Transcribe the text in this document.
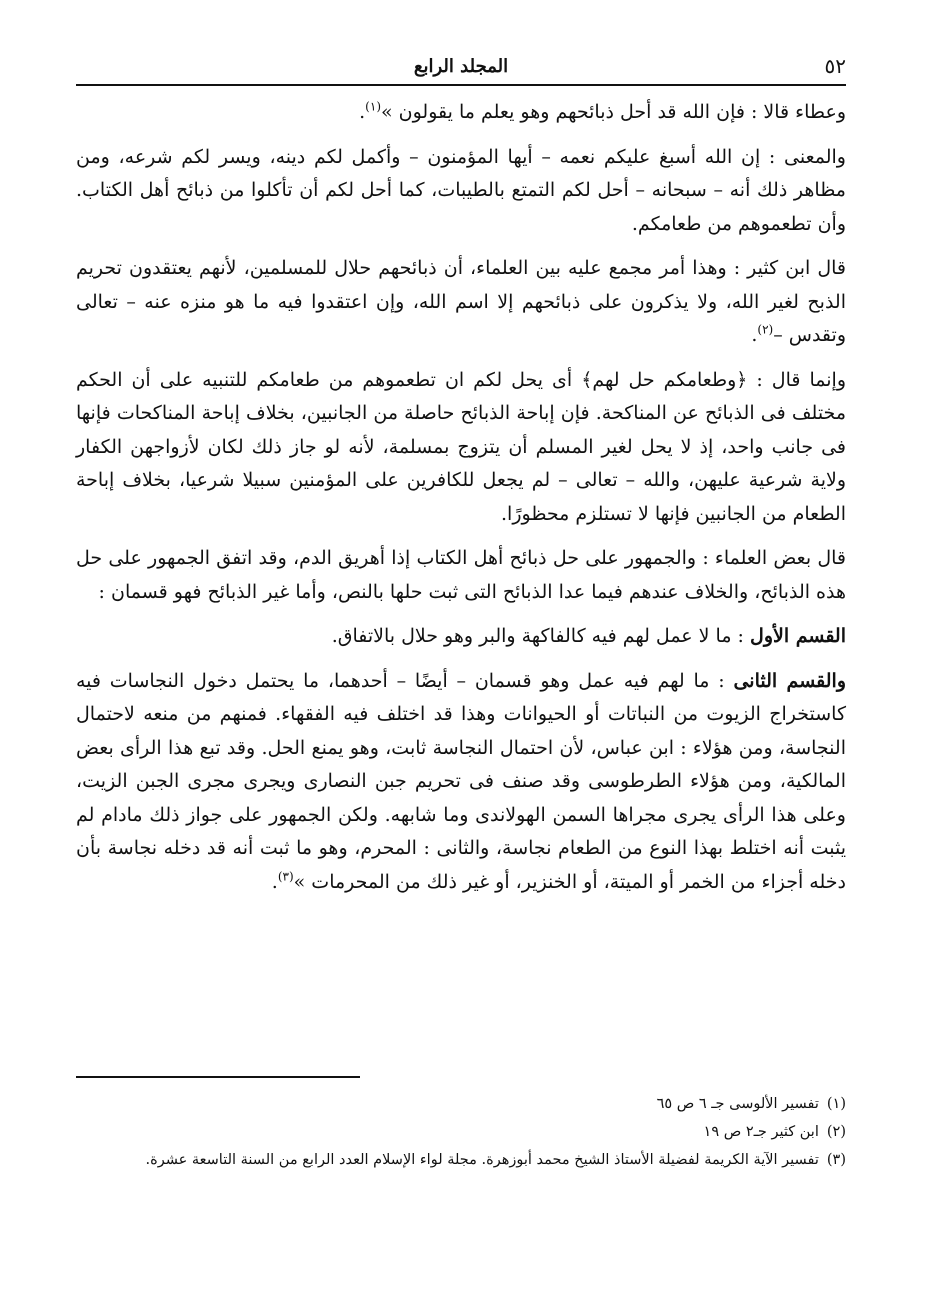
٥٢
المجلد الرابع

وعطاء قالا : فإن الله قد أحل ذبائحهم وهو يعلم ما يقولون »$^{(١)}$.

والمعنى : إن الله أسبغ عليكم نعمه – أيها المؤمنون – وأكمل لكم دينه، ويسر لكم شرعه، ومن مظاهر ذلك أنه – سبحانه – أحل لكم التمتع بالطيبات، كما أحل لكم أن تأكلوا من ذبائح أهل الكتاب. وأن تطعموهم من طعامكم.

قال ابن كثير : وهذا أمر مجمع عليه بين العلماء، أن ذبائحهم حلال للمسلمين، لأنهم يعتقدون تحريم الذبح لغير الله، ولا يذكرون على ذبائحهم إلا اسم الله، وإن اعتقدوا فيه ما هو منزه عنه – تعالى وتقدس –$^{(٢)}$.

وإنما قال : ﴿وطعامكم حل لهم﴾ أى يحل لكم ان تطعموهم من طعامكم للتنبيه على أن الحكم مختلف فى الذبائح عن المناكحة. فإن إباحة الذبائح حاصلة من الجانبين، بخلاف إباحة المناكحات فإنها فى جانب واحد، إذ لا يحل لغير المسلم أن يتزوج بمسلمة، لأنه لو جاز ذلك لكان لأزواجهن الكفار ولاية شرعية عليهن، والله – تعالى – لم يجعل للكافرين على المؤمنين سبيلا شرعيا، بخلاف إباحة الطعام من الجانبين فإنها لا تستلزم محظورًا.

قال بعض العلماء : والجمهور على حل ذبائح أهل الكتاب إذا أهريق الدم، وقد اتفق الجمهور على حل هذه الذبائح، والخلاف عندهم فيما عدا الذبائح التى ثبت حلها بالنص، وأما غير الذبائح فهو قسمان :

القسم الأول : ما لا عمل لهم فيه كالفاكهة والبر وهو حلال بالاتفاق.

والقسم الثانى : ما لهم فيه عمل وهو قسمان – أيضًا – أحدهما، ما يحتمل دخول النجاسات فيه كاستخراج الزيوت من النباتات أو الحيوانات وهذا قد اختلف فيه الفقهاء. فمنهم من منعه لاحتمال النجاسة، ومن هؤلاء : ابن عباس، لأن احتمال النجاسة ثابت، وهو يمنع الحل. وقد تبع هذا الرأى بعض المالكية، ومن هؤلاء الطرطوسى وقد صنف فى تحريم جبن النصارى ويجرى مجرى الجبن الزيت، وعلى هذا الرأى يجرى مجراها السمن الهولاندى وما شابهه. ولكن الجمهور على جواز ذلك مادام لم يثبت أنه اختلط بهذا النوع من الطعام نجاسة، والثانى : المحرم، وهو ما ثبت أنه قد دخله نجاسة بأن دخله أجزاء من الخمر أو الميتة، أو الخنزير، أو غير ذلك من المحرمات »$^{(٣)}$.

(١)تفسير الألوسى جـ ٦ ص ٦٥

(٢)ابن كثير جـ٢ ص ١٩

(٣)تفسير الآية الكريمة لفضيلة الأستاذ الشيخ محمد أبوزهرة. مجلة لواء الإسلام العدد الرابع من السنة التاسعة عشرة.
